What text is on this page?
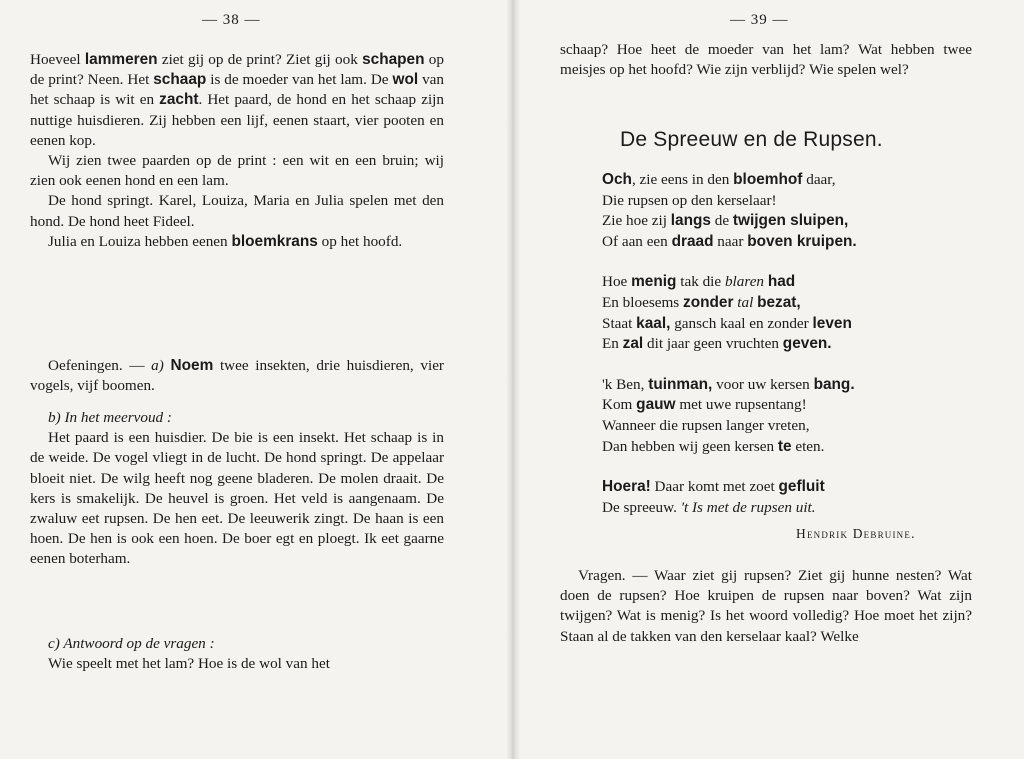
— 38 —

Hoeveel lammeren ziet gij op de print? Ziet gij ook schapen op de print? Neen. Het schaap is de moeder van het lam. De wol van het schaap is wit en zacht. Het paard, de hond en het schaap zijn nuttige huisdieren. Zij hebben een lijf, eenen staart, vier pooten en eenen kop.

Wij zien twee paarden op de print : een wit en een bruin; wij zien ook eenen hond en een lam.

De hond springt. Karel, Louiza, Maria en Julia spelen met den hond. De hond heet Fideel.

Julia en Louiza hebben eenen bloemkrans op het hoofd.

Oefeningen. — a) Noem twee insekten, drie huisdieren, vier vogels, vijf boomen.

b) In het meervoud :

Het paard is een huisdier. De bie is een insekt. Het schaap is in de weide. De vogel vliegt in de lucht. De hond springt. De appelaar bloeit niet. De wilg heeft nog geene bladeren. De molen draait. De kers is smakelijk. De heuvel is groen. Het veld is aangenaam. De zwaluw eet rupsen. De hen eet. De leeuwerik zingt. De haan is een hoen. De hen is ook een hoen. De boer egt en ploegt. Ik eet gaarne eenen boterham.

c) Antwoord op de vragen :

Wie speelt met het lam? Hoe is de wol van het

— 39 —

schaap? Hoe heet de moeder van het lam? Wat hebben twee meisjes op het hoofd? Wie zijn verblijd? Wie spelen wel?

De Spreeuw en de Rupsen.
Och, zie eens in den bloemhof daar,
Die rupsen op den kerselaar!
Zie hoe zij langs de twijgen sluipen,
Of aan een draad naar boven kruipen.
Hoe menig tak die blaren had
En bloesems zonder tal bezat,
Staat kaal, gansch kaal en zonder leven
En zal dit jaar geen vruchten geven.
'k Ben, tuinman, voor uw kersen bang.
Kom gauw met uwe rupsentang!
Wanneer die rupsen langer vreten,
Dan hebben wij geen kersen te eten.
Hoera! Daar komt met zoet gefluit
De spreeuw. 't Is met de rupsen uit.
Hendrik Debruine.

Vragen. — Waar ziet gij rupsen? Ziet gij hunne nesten? Wat doen de rupsen? Hoe kruipen de rupsen naar boven? Wat zijn twijgen? Wat is menig? Is het woord volledig? Hoe moet het zijn? Staan al de takken van den kerselaar kaal? Welke
